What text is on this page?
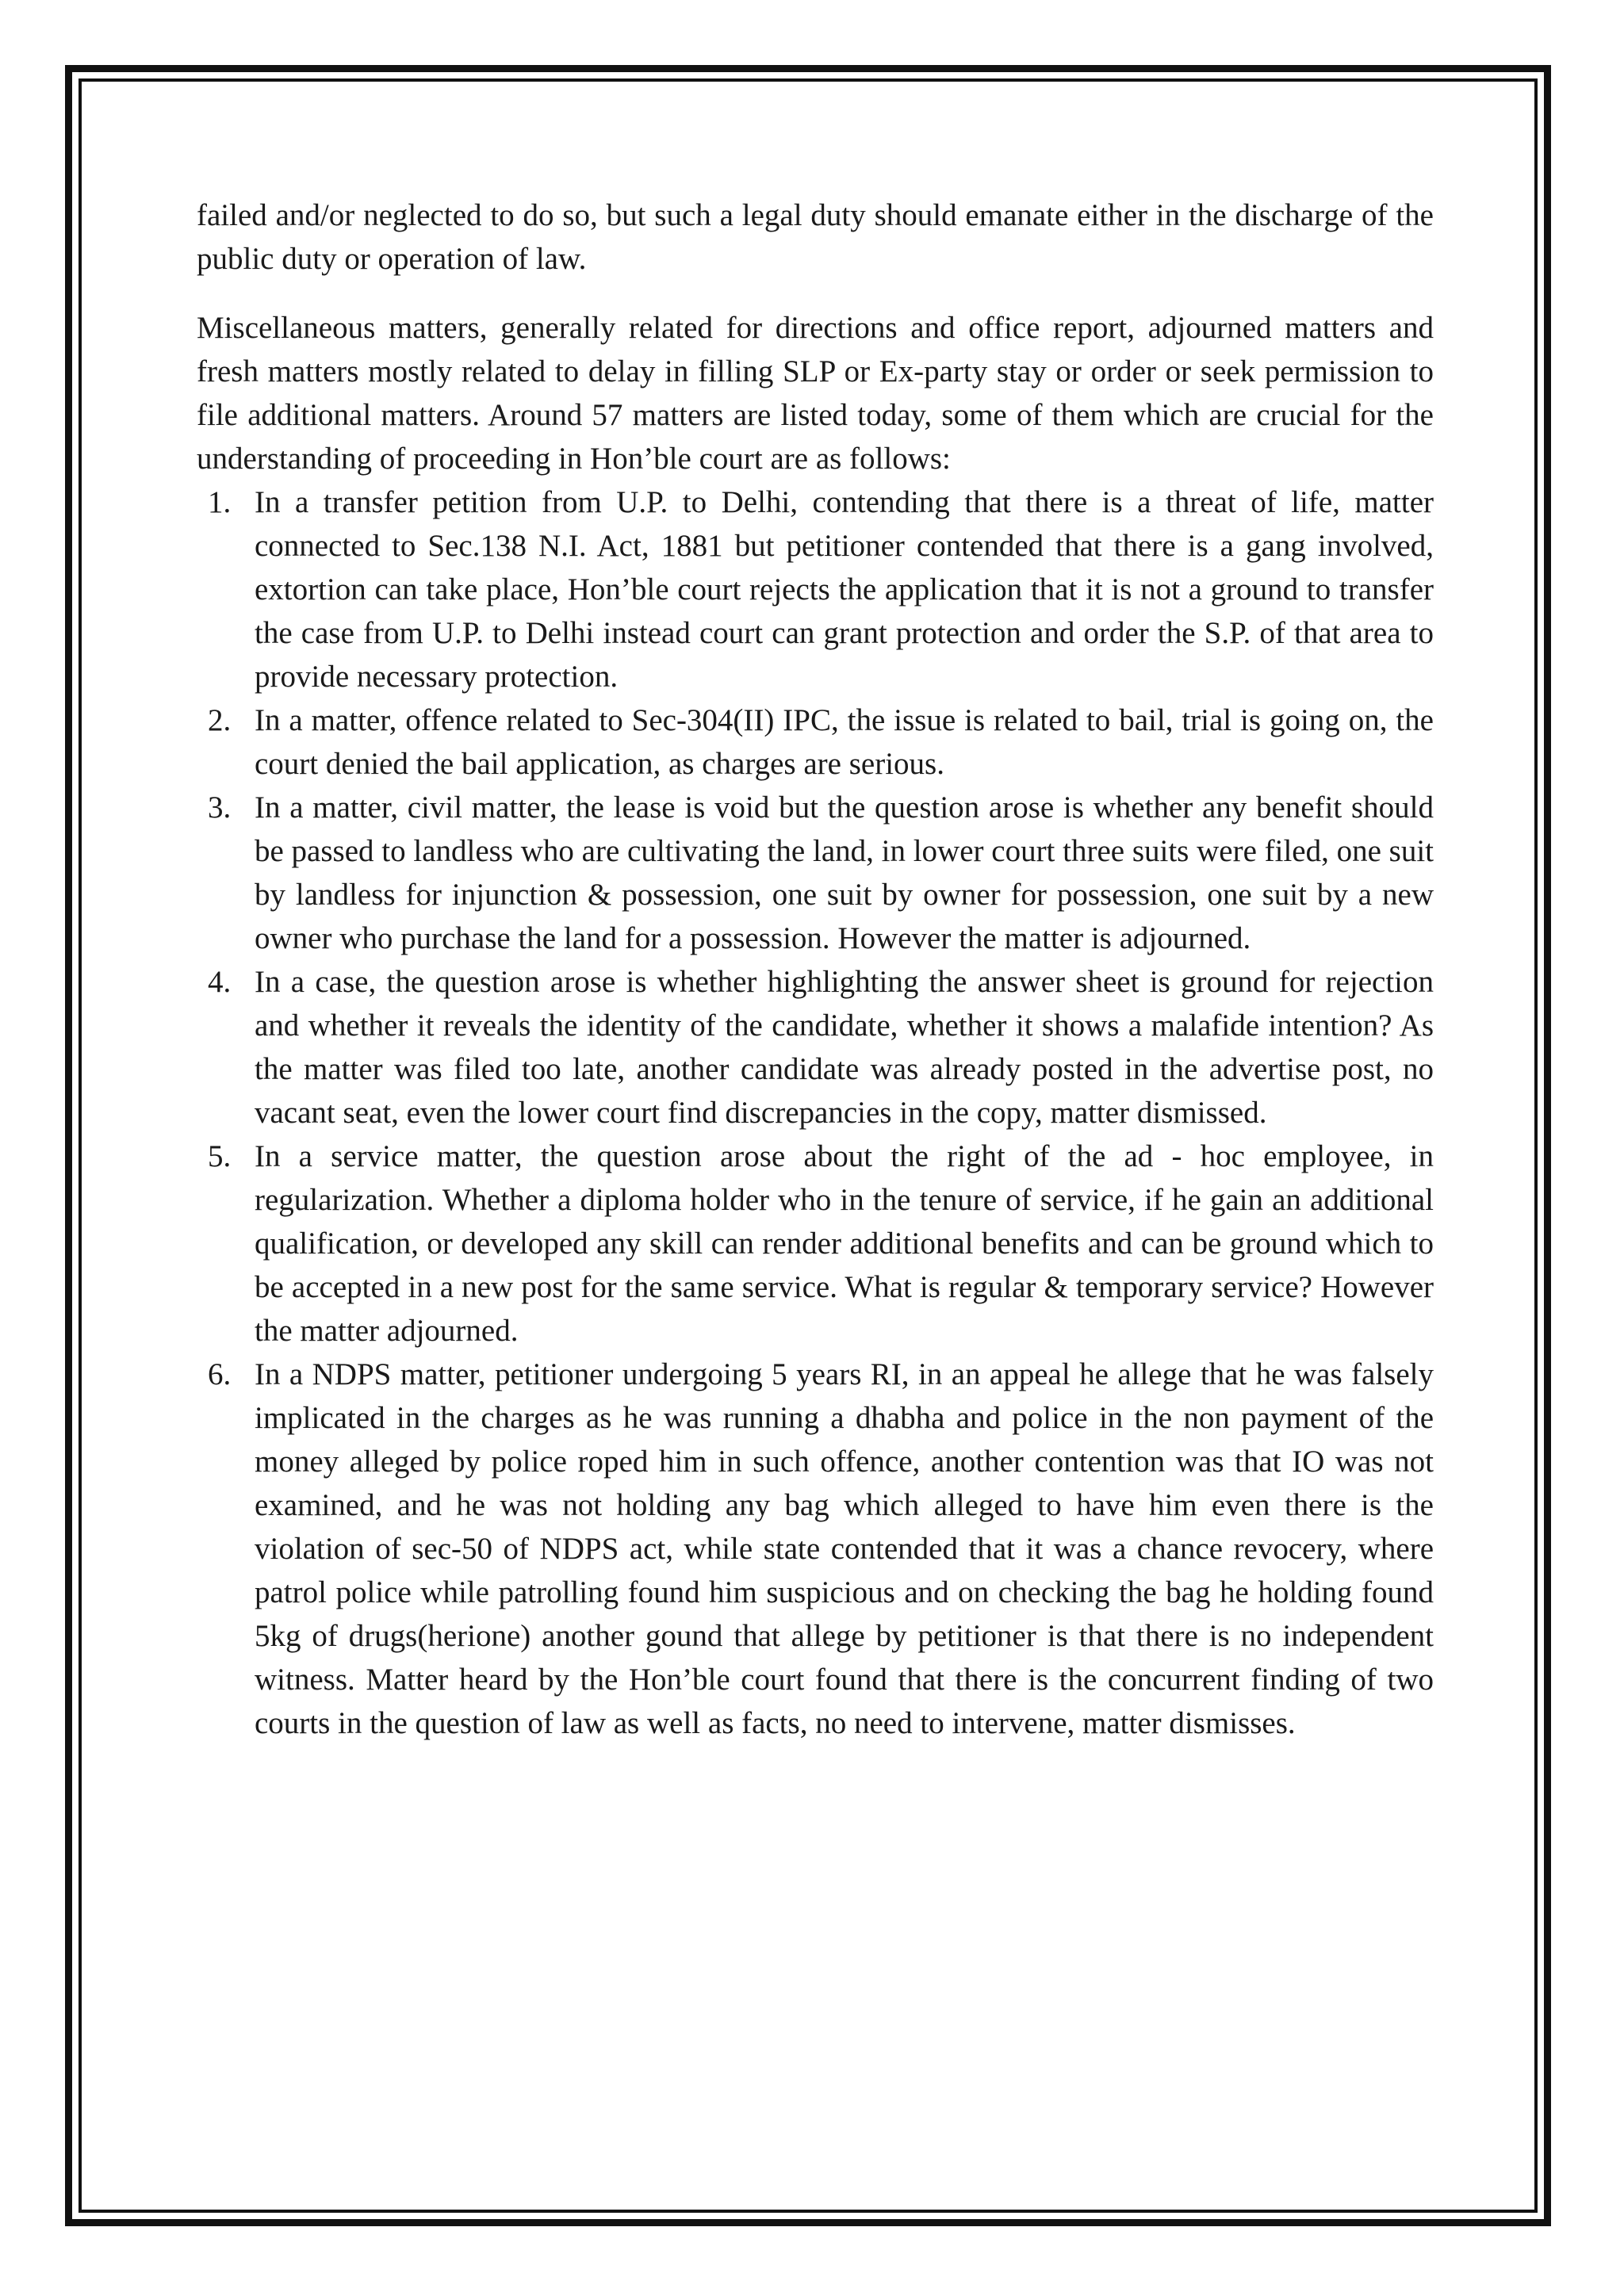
failed and/or neglected to do so, but such a legal duty should emanate either in the discharge of the public duty or operation of law.

Miscellaneous matters, generally related for directions and office report, adjourned matters and fresh matters mostly related to delay in filling SLP or Ex-party stay or order or seek permission to file additional matters. Around 57 matters are listed today, some of them which are crucial for the understanding of proceeding in Hon’ble court are as follows:

1. In a transfer petition from U.P. to Delhi, contending that there is a threat of life, matter connected to Sec.138 N.I. Act, 1881 but petitioner contended that there is a gang involved, extortion can take place, Hon’ble court rejects the application that it is not a ground to transfer the case from U.P. to Delhi instead court can grant protection and order the S.P. of that area to provide necessary protection.
2. In a matter, offence related to Sec-304(II) IPC, the issue is related to bail, trial is going on, the court denied the bail application, as charges are serious.
3. In a matter, civil matter, the lease is void but the question arose is whether any benefit should be passed to landless who are cultivating the land, in lower court three suits were filed, one suit by landless for injunction & possession, one suit by owner for possession, one suit by a new owner who purchase the land for a possession. However the matter is adjourned.
4. In a case, the question arose is whether highlighting the answer sheet is ground for rejection and whether it reveals the identity of the candidate, whether it shows a malafide intention? As the matter was filed too late, another candidate was already posted in the advertise post, no vacant seat, even the lower court find discrepancies in the copy, matter dismissed.
5. In a service matter, the question arose about the right of the ad - hoc employee, in regularization. Whether a diploma holder who in the tenure of service, if he gain an additional qualification, or developed any skill can render additional benefits and can be ground which to be accepted in a new post for the same service. What is regular & temporary service? However the matter adjourned.
6. In a NDPS matter, petitioner undergoing 5 years RI, in an appeal he allege that he was falsely implicated in the charges as he was running a dhabha and police in the non payment of the money alleged by police roped him in such offence, another contention was that IO was not examined, and he was not holding any bag which alleged to have him even there is the violation of sec-50 of NDPS act, while state contended that it was a chance revocery, where patrol police while patrolling found him suspicious and on checking the bag he holding found 5kg of drugs(herione) another gound that allege by petitioner is that there is no independent witness. Matter heard by the Hon’ble court found that there is the concurrent finding of two courts in the question of law as well as facts, no need to intervene, matter dismisses.
